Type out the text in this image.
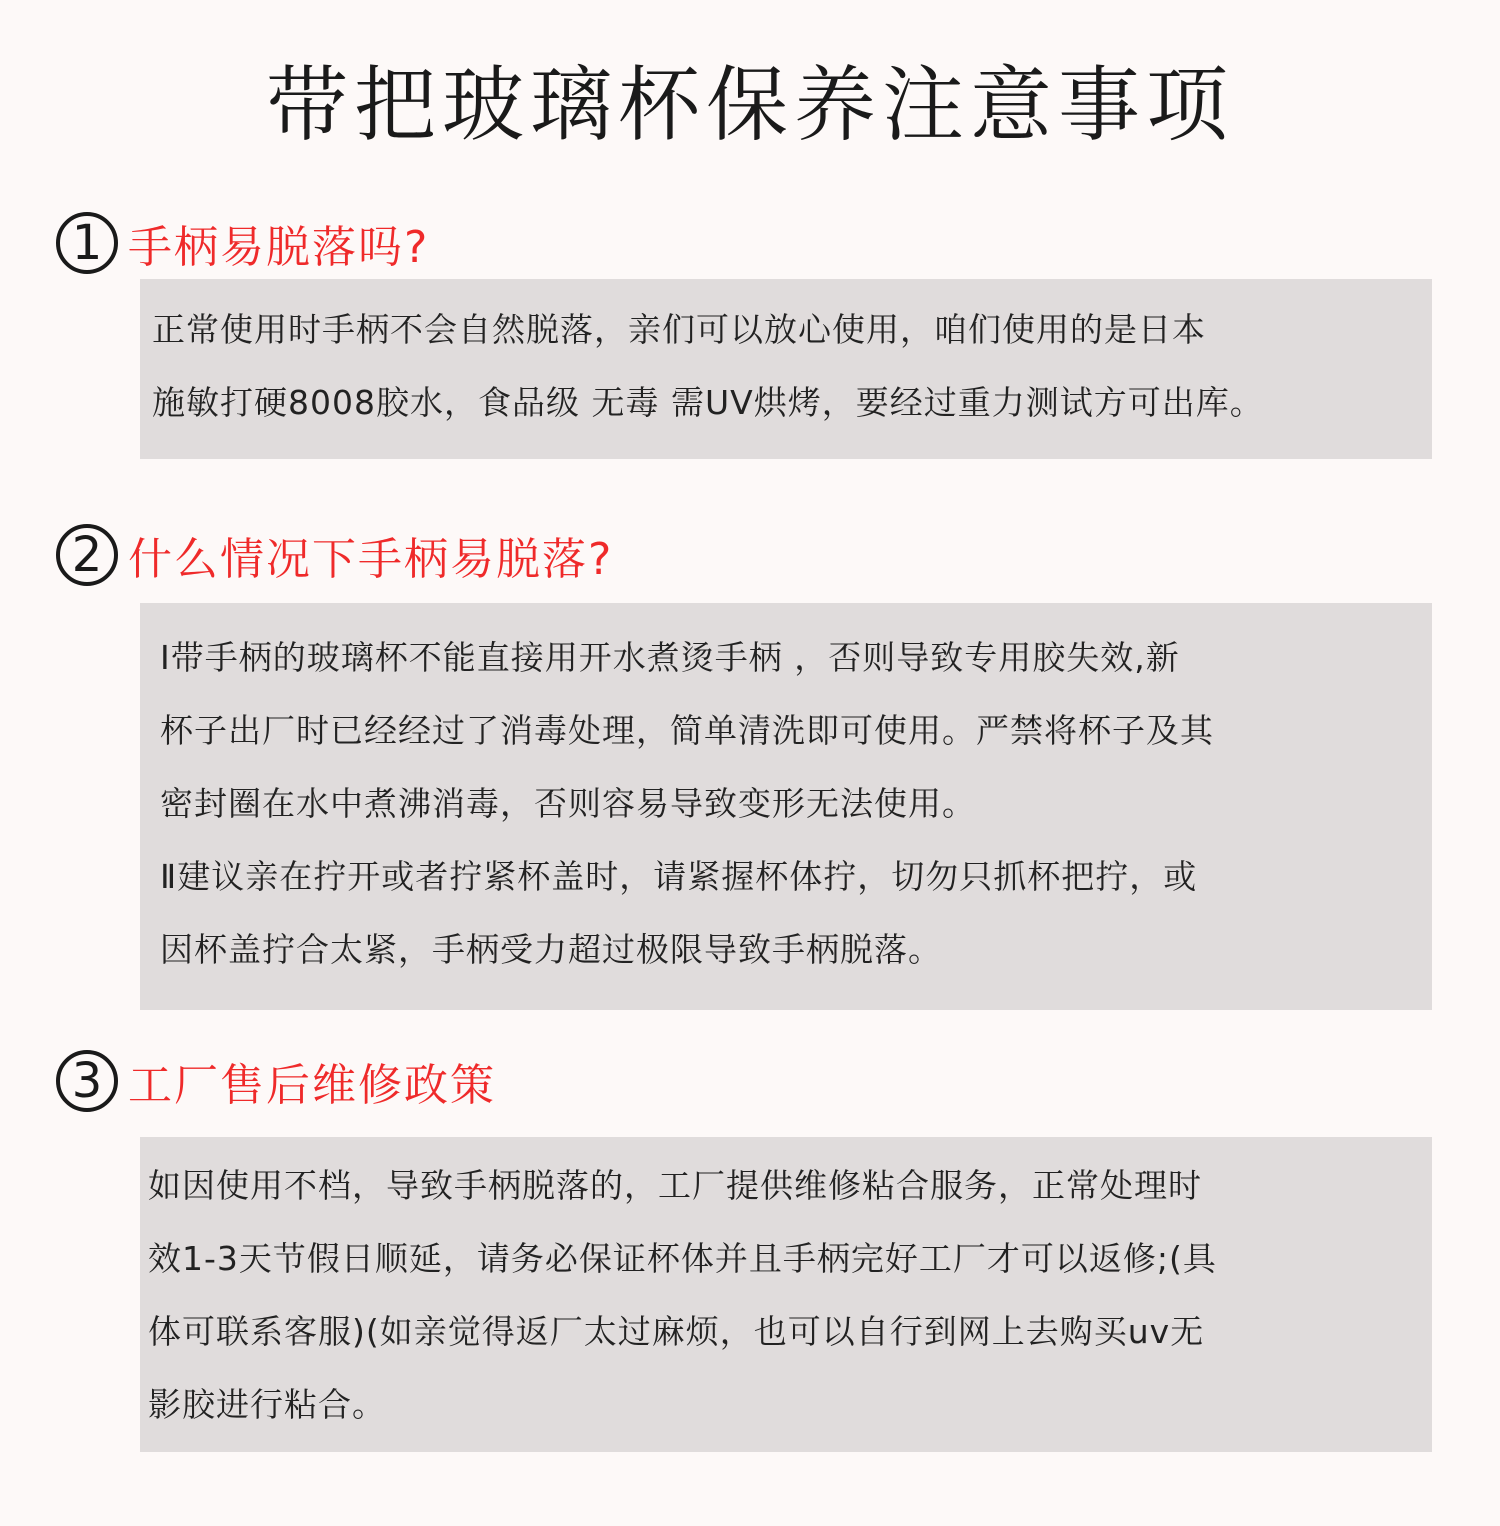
带把玻璃杯保养注意事项
1 手柄易脱落吗?
正常使用时手柄不会自然脱落，亲们可以放心使用，咱们使用的是日本
施敏打硬8008胶水，食品级 无毒 需UV烘烤，要经过重力测试方可出库。
2 什么情况下手柄易脱落?
Ⅰ带手柄的玻璃杯不能直接用开水煮烫手柄 ，否则导致专用胶失效,新
杯子出厂时已经经过了消毒处理，简单清洗即可使用。严禁将杯子及其
密封圈在水中煮沸消毒，否则容易导致变形无法使用。
Ⅱ建议亲在拧开或者拧紧杯盖时，请紧握杯体拧，切勿只抓杯把拧，或
因杯盖拧合太紧，手柄受力超过极限导致手柄脱落。
3 工厂售后维修政策
如因使用不档，导致手柄脱落的，工厂提供维修粘合服务，正常处理时
效1-3天节假日顺延，请务必保证杯体并且手柄完好工厂才可以返修;(具
体可联系客服)(如亲觉得返厂太过麻烦，也可以自行到网上去购买uv无
影胶进行粘合。
